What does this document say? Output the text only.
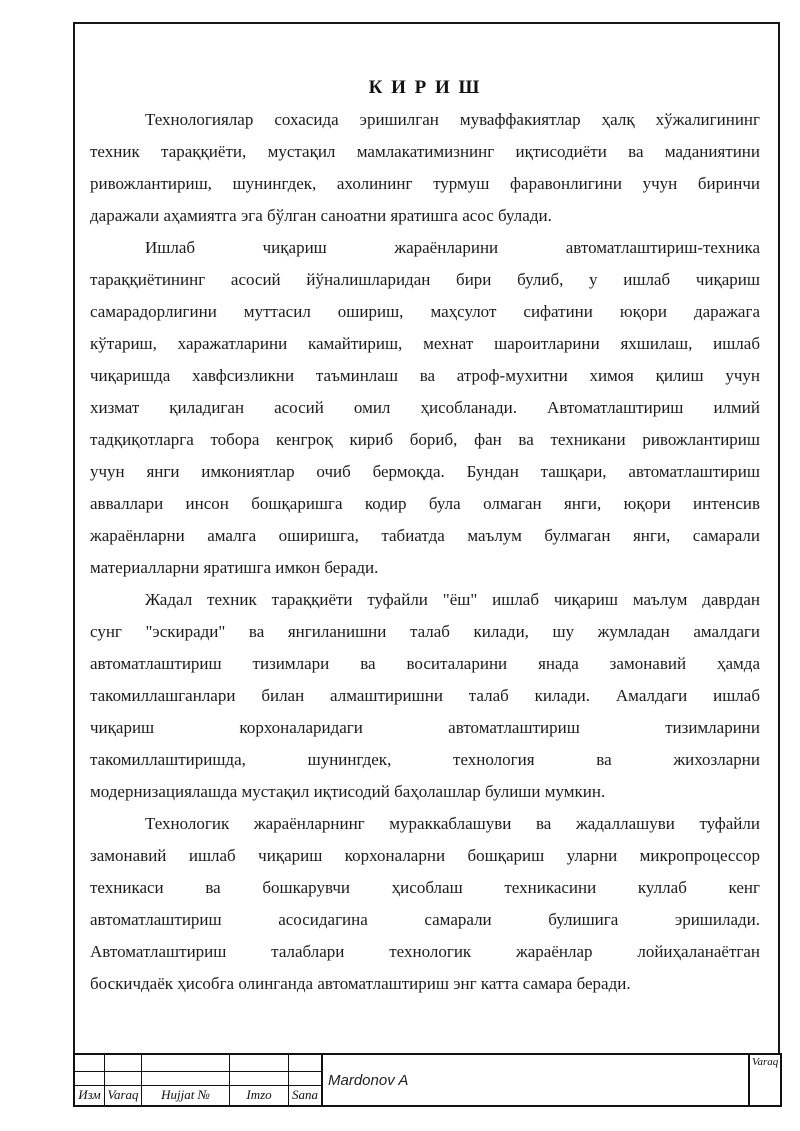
К И Р И Ш
Технологиялар сохасида эришилган муваффакиятлар ҳалқ хўжалигининг
техник тараққиёти, мустақил мамлакатимизнинг иқтисодиёти ва маданиятини
ривожлантириш, шунингдек, ахолининг турмуш фаравонлигини учун биринчи
даражали аҳамиятга эга бўлган саноатни яратишга асос булади.
Ишлаб чиқариш жараёнларини автоматлаштириш-техника
тараққиётининг асосий йўналишларидан бири булиб, у ишлаб чиқариш
самарадорлигини муттасил ошириш, маҳсулот сифатини юқори даражага
кўтариш, харажатларини камайтириш, мехнат шароитларини яхшилаш, ишлаб
чиқаришда хавфсизликни таъминлаш ва атроф-мухитни химоя қилиш учун
хизмат қиладиган асосий омил ҳисобланади. Автоматлаштириш илмий
тадқиқотларга тобора кенгроқ кириб бориб, фан ва техникани ривожлантириш
учун янги имкониятлар очиб бермоқда. Бундан ташқари, автоматлаштириш
авваллари инсон бошқаришга кодир була олмаган янги, юқори интенсив
жараёнларни амалга оширишга, табиатда маълум булмаган янги, самарали
материалларни яратишга имкон беради.
Жадал техник тараққиёти туфайли "ёш" ишлаб чиқариш маълум даврдан
сунг "эскиради" ва янгиланишни талаб килади, шу жумладан амалдаги
автоматлаштириш тизимлари ва воситаларини янада замонавий ҳамда
такомиллашганлари билан алмаштиришни талаб килади. Амалдаги ишлаб
чиқариш корхоналаридаги автоматлаштириш тизимларини
такомиллаштиришда, шунингдек, технология ва жихозларни
модернизациялашда мустақил иқтисодий баҳолашлар булиши мумкин.
Технологик жараёнларнинг мураккаблашуви ва жадаллашуви туфайли
замонавий ишлаб чиқариш корхоналарни бошқариш уларни микропроцессор
техникаси ва бошкарувчи ҳисоблаш техникасини куллаб кенг
автоматлаштириш асосидагина самарали булишига эришилади.
Автоматлаштириш талаблари технологик жараёнлар лойиҳаланаётган
боскичдаёк ҳисобга олинганда автоматлаштириш энг катта самара беради.
Изм Varaq	Hujjat №	Imzo	Sana
Mardonov A
Varaq
